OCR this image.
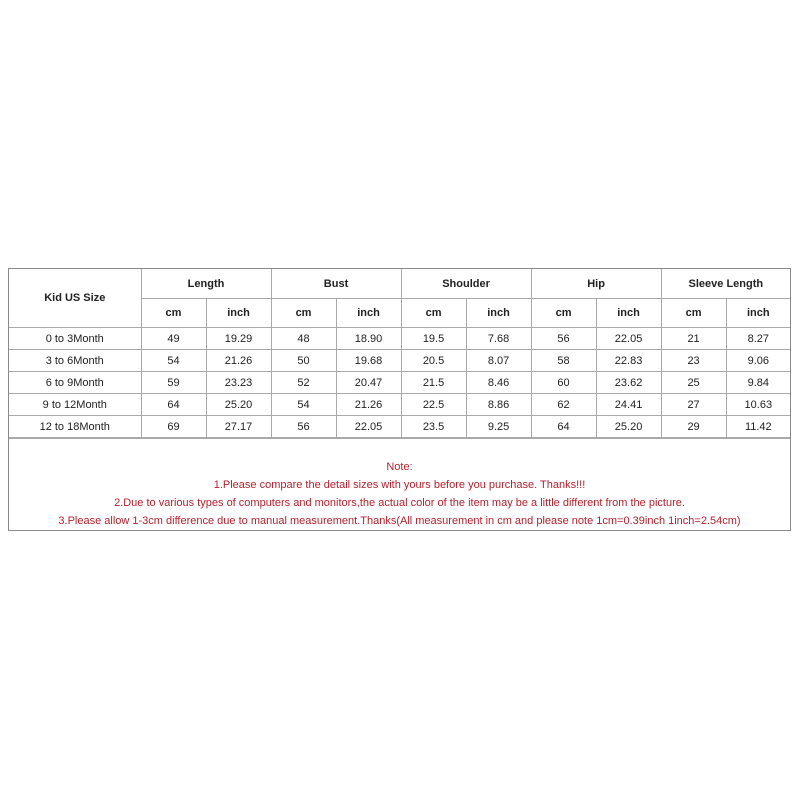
Kid US Size	Length		Bust		Shoulder		Hip		Sleeve Length	
	cm	inch	cm	inch	cm	inch	cm	inch	cm	inch
0 to 3Month	49	19.29	48	18.90	19.5	7.68	56	22.05	21	8.27
3 to 6Month	54	21.26	50	19.68	20.5	8.07	58	22.83	23	9.06
6 to 9Month	59	23.23	52	20.47	21.5	8.46	60	23.62	25	9.84
9 to 12Month	64	25.20	54	21.26	22.5	8.86	62	24.41	27	10.63
12 to 18Month	69	27.17	56	22.05	23.5	9.25	64	25.20	29	11.42
Note:
1.Please compare the detail sizes with yours before you purchase. Thanks!!!
2.Due to various types of computers and monitors,the actual color of the item may be a little different from the picture.
3.Please allow 1-3cm difference due to manual measurement.Thanks(All measurement in cm and please note 1cm=0.39inch 1inch=2.54cm)
